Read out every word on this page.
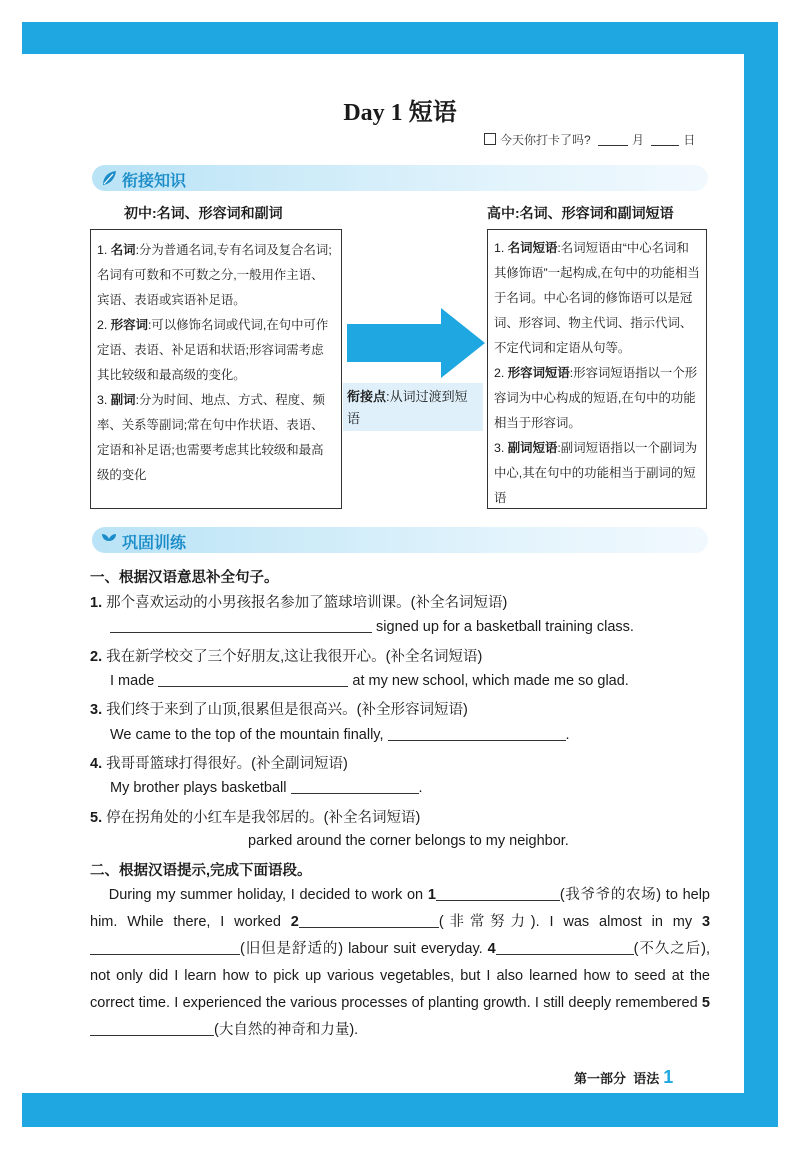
Day 1 短语
今天你打卡了吗?	月	日
衔接知识
初中:名词、形容词和副词	高中:名词、形容词和副词短语

1. 名词:分为普通名词,专有名词及复合名词;名词有可数和不可数之分,一般用作主语、宾语、表语或宾语补足语。

2. 形容词:可以修饰名词或代词,在句中可作定语、表语、补足语和状语;形容词需考虑其比较级和最高级的变化。

3. 副词:分为时间、地点、方式、程度、频率、关系等副词;常在句中作状语、表语、定语和补足语;也需要考虑其比较级和最高级的变化

衔接点:从词过渡到短语

1. 名词短语:名词短语由“中心名词和其修饰语”一起构成,在句中的功能相当于名词。中心名词的修饰语可以是冠词、形容词、物主代词、指示代词、不定代词和定语从句等。

2. 形容词短语:形容词短语指以一个形容词为中心构成的短语,在句中的功能相当于形容词。

3. 副词短语:副词短语指以一个副词为中心,其在句中的功能相当于副词的短语

巩固训练
一、根据汉语意思补全句子。
1. 那个喜欢运动的小男孩报名参加了篮球培训课。(补全名词短语)
signed up for a basketball training class.
2. 我在新学校交了三个好朋友,这让我很开心。(补全名词短语)
I made	at my new school, which made me so glad.
3. 我们终于来到了山顶,很累但是很高兴。(补全形容词短语)
We came to the top of the mountain finally,	.
4. 我哥哥篮球打得很好。(补全副词短语)
My brother plays basketball	.
5. 停在拐角处的小红车是我邻居的。(补全名词短语)
parked around the corner belongs to my neighbor.
二、根据汉语提示,完成下面语段。
During my summer holiday, I decided to work on 1	(我爷爷的农场) to help him. While there, I worked 2	(非常努力). I was almost in my 3(旧但是舒适的) labour suit everyday. 4	(不久之后), not only did I learn how to pick up various vegetables, but I also learned how to seed at the correct time. I experienced the various processes of planting growth. I still deeply remembered 5(大自然的神奇和力量).
第一部分 语法 1
